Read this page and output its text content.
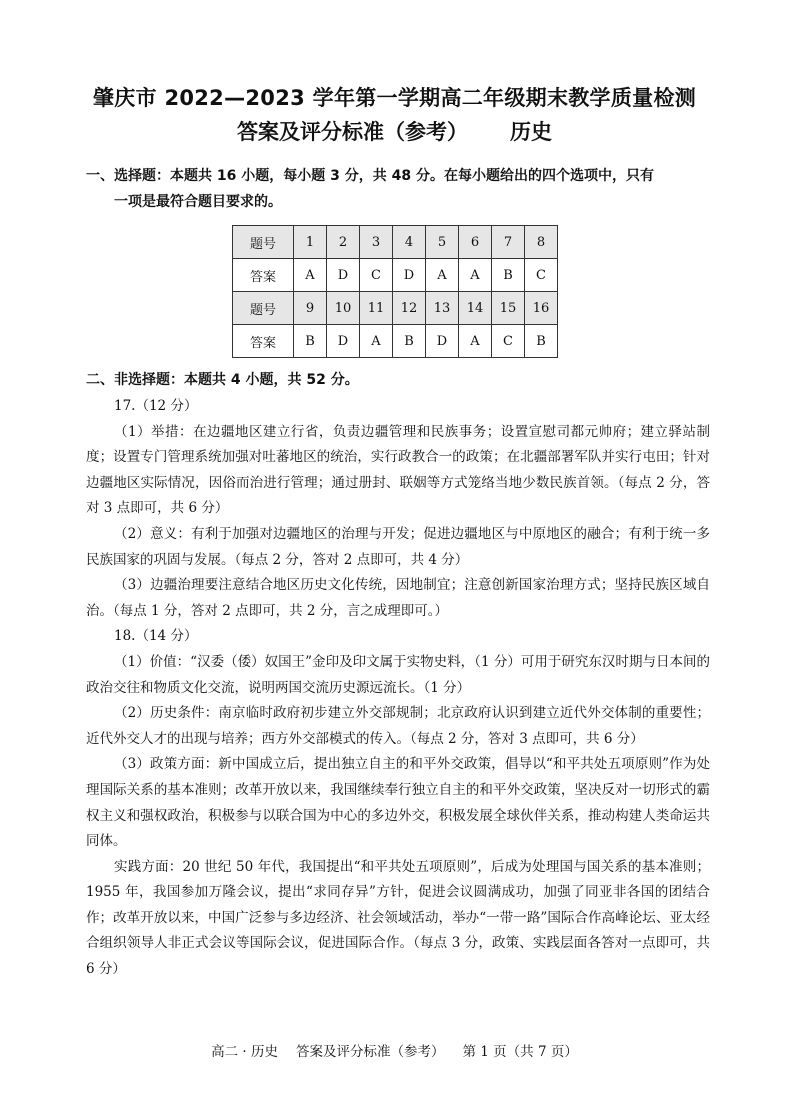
肇庆市 2022—2023 学年第一学期高二年级期末教学质量检测
答案及评分标准（参考） 历史
一、选择题：本题共 16 小题，每小题 3 分，共 48 分。在每小题给出的四个选项中，只有
一项是最符合题目要求的。
题号	1	2	3	4	5	6	7	8
答案	A	D	C	D	A	A	B	C
题号	9	10	11	12	13	14	15	16
答案	B	D	A	B	D	A	C	B
二、非选择题：本题共 4 小题，共 52 分。

17.（12 分）

（1）举措：在边疆地区建立行省，负责边疆管理和民族事务；设置宣慰司都元帅府；建立驿站制度；设置专门管理系统加强对吐蕃地区的统治，实行政教合一的政策；在北疆部署军队并实行屯田；针对边疆地区实际情况，因俗而治进行管理；通过册封、联姻等方式笼络当地少数民族首领。（每点 2 分，答对 3 点即可，共 6 分）

（2）意义：有利于加强对边疆地区的治理与开发；促进边疆地区与中原地区的融合；有利于统一多民族国家的巩固与发展。（每点 2 分，答对 2 点即可，共 4 分）

（3）边疆治理要注意结合地区历史文化传统，因地制宜；注意创新国家治理方式；坚持民族区域自治。（每点 1 分，答对 2 点即可，共 2 分，言之成理即可。）

18.（14 分）

（1）价值：“汉委（倭）奴国王”金印及印文属于实物史料，（1 分）可用于研究东汉时期与日本间的政治交往和物质文化交流，说明两国交流历史源远流长。（1 分）

（2）历史条件：南京临时政府初步建立外交部规制；北京政府认识到建立近代外交体制的重要性；近代外交人才的出现与培养；西方外交部模式的传入。（每点 2 分，答对 3 点即可，共 6 分）

（3）政策方面：新中国成立后，提出独立自主的和平外交政策，倡导以“和平共处五项原则”作为处理国际关系的基本准则；改革开放以来，我国继续奉行独立自主的和平外交政策，坚决反对一切形式的霸权主义和强权政治，积极参与以联合国为中心的多边外交，积极发展全球伙伴关系，推动构建人类命运共同体。

实践方面：20 世纪 50 年代，我国提出“和平共处五项原则”，后成为处理国与国关系的基本准则；1955 年，我国参加万隆会议，提出“求同存异”方针，促进会议圆满成功，加强了同亚非各国的团结合作；改革开放以来，中国广泛参与多边经济、社会领域活动，举办“一带一路”国际合作高峰论坛、亚太经合组织领导人非正式会议等国际会议，促进国际合作。（每点 3 分，政策、实践层面各答对一点即可，共 6 分）

高二 · 历史 答案及评分标准（参考） 第 1 页（共 7 页）
